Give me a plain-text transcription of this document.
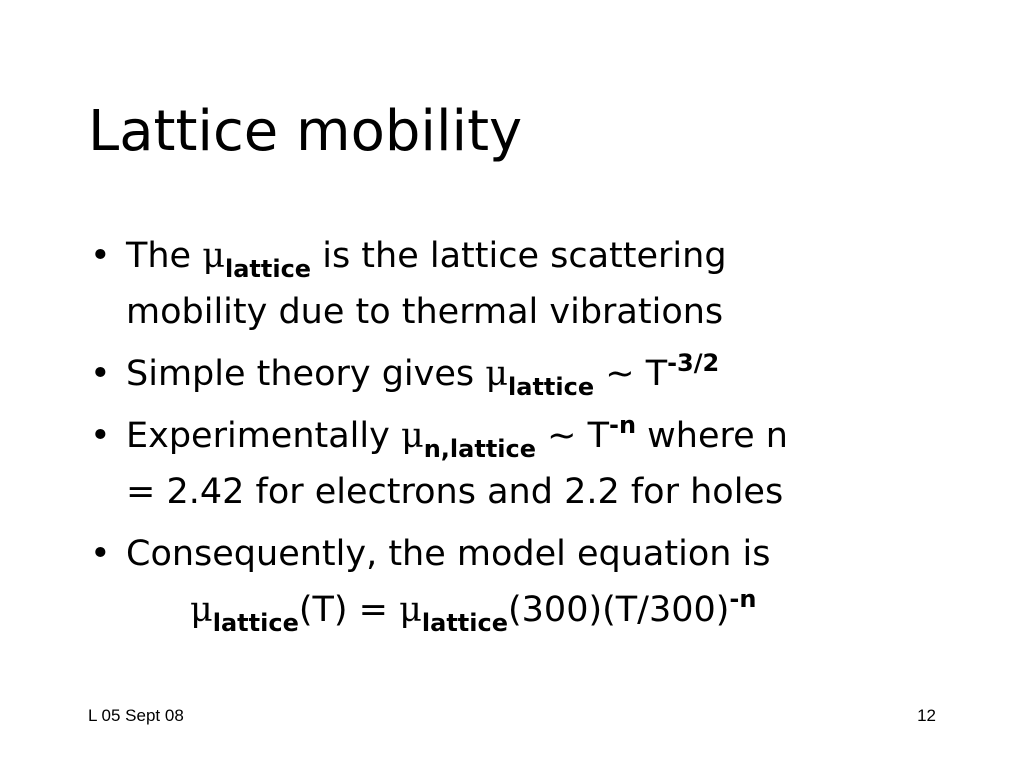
Lattice mobility
• The $\mu_{lattice}$ is the lattice scattering
mobility due to thermal vibrations
• Simple theory gives $\mu_{lattice}$ ~ $T^{-3/2}$
• Experimentally $\mu_{n,lattice}$ ~ $T^{-n}$ where n
= 2.42 for electrons and 2.2 for holes
• Consequently, the model equation is
$\mu_{lattice}(T) = \mu_{lattice}(300)(T/300)^{-n}$
L 05 Sept 08	12
